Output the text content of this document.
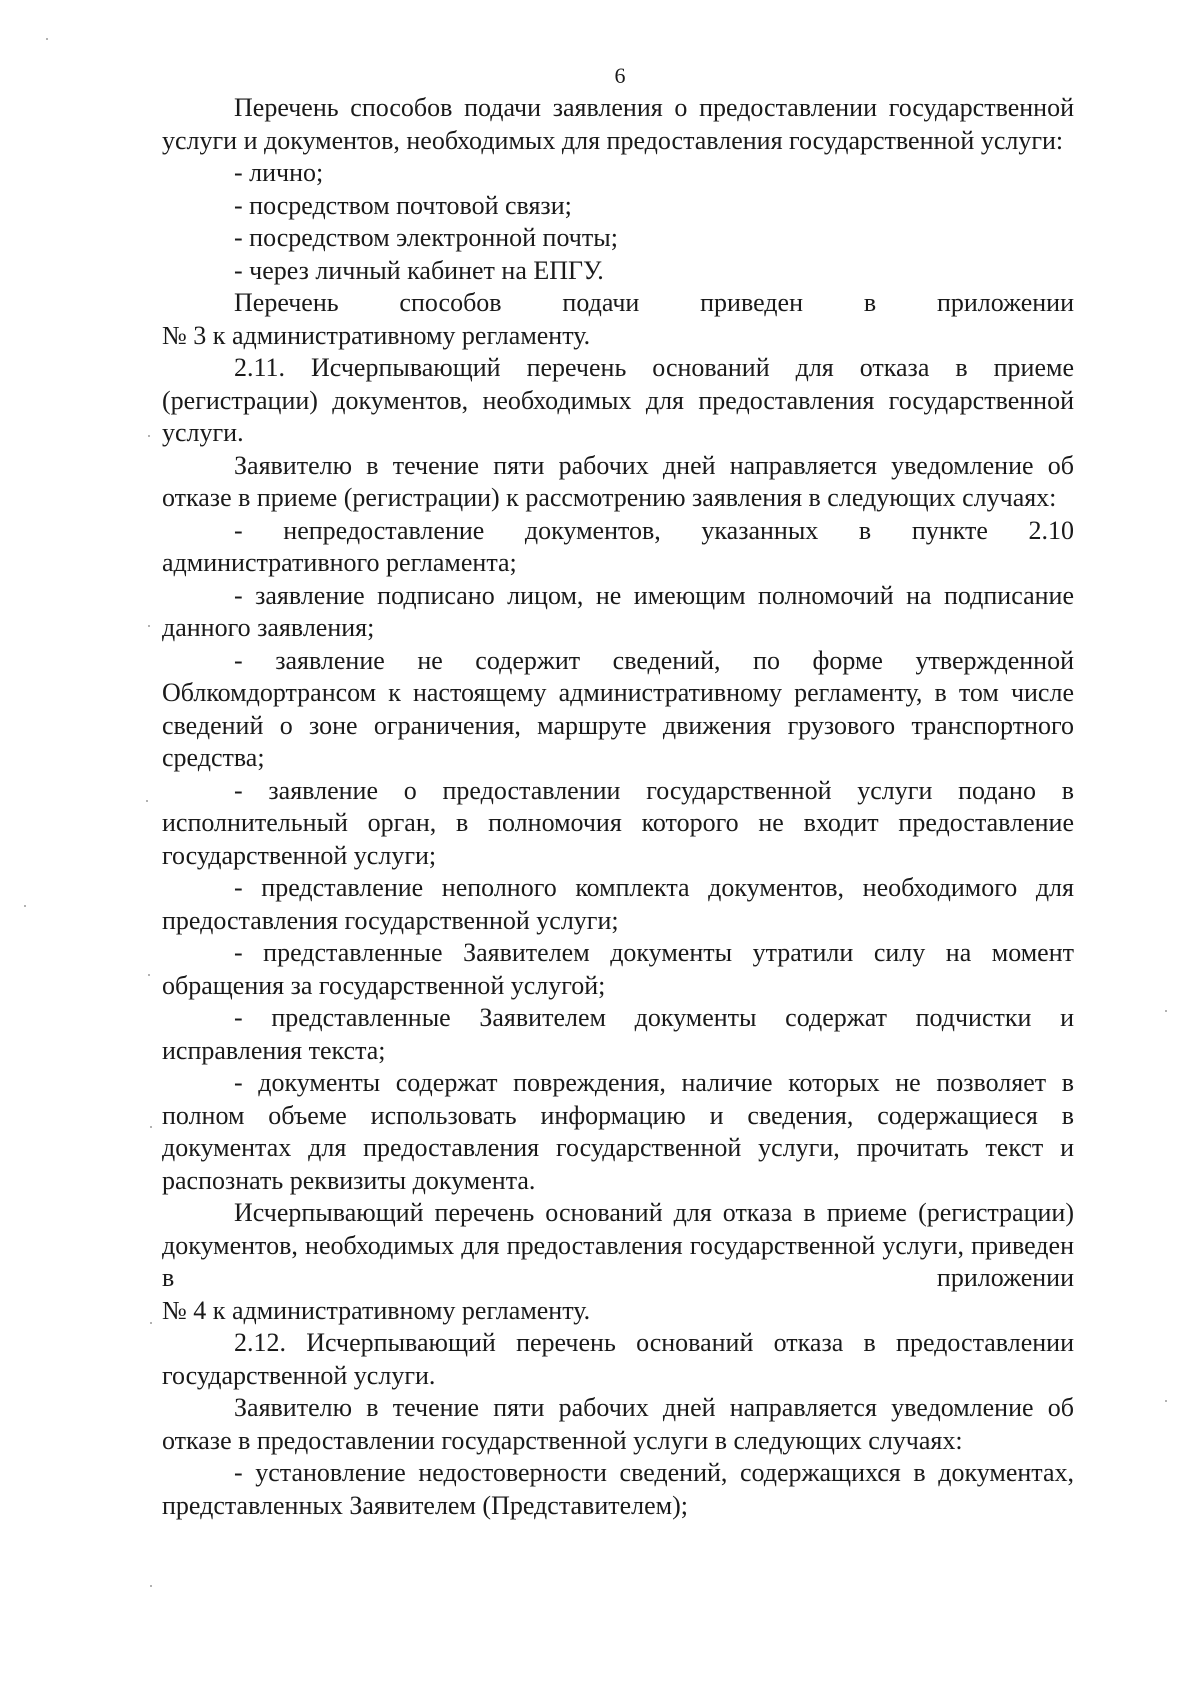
6

Перечень способов подачи заявления о предоставлении государственной услуги и документов, необходимых для предоставления государственной услуги:

- лично;

- посредством почтовой связи;

- посредством электронной почты;

- через личный кабинет на ЕПГУ.

Перечень способов подачи приведен в приложении

№ 3 к административному регламенту.

2.11. Исчерпывающий перечень оснований для отказа в приеме (регистрации) документов, необходимых для предоставления государственной услуги.

Заявителю в течение пяти рабочих дней направляется уведомление об отказе в приеме (регистрации) к рассмотрению заявления в следующих случаях:

- непредоставление документов, указанных в пункте 2.10 административного регламента;

- заявление подписано лицом, не имеющим полномочий на подписание данного заявления;

- заявление не содержит сведений, по форме утвержденной Облкомдортрансом к настоящему административному регламенту, в том числе сведений о зоне ограничения, маршруте движения грузового транспортного средства;

- заявление о предоставлении государственной услуги подано в исполнительный орган, в полномочия которого не входит предоставление государственной услуги;

- представление неполного комплекта документов, необходимого для предоставления государственной услуги;

- представленные Заявителем документы утратили силу на момент обращения за государственной услугой;

- представленные Заявителем документы содержат подчистки и исправления текста;

- документы содержат повреждения, наличие которых не позволяет в полном объеме использовать информацию и сведения, содержащиеся в документах для предоставления государственной услуги, прочитать текст и распознать реквизиты документа.

Исчерпывающий перечень оснований для отказа в приеме (регистрации) документов, необходимых для предоставления государственной услуги, приведен в приложении

№ 4 к административному регламенту.

2.12. Исчерпывающий перечень оснований отказа в предоставлении государственной услуги.

Заявителю в течение пяти рабочих дней направляется уведомление об отказе в предоставлении государственной услуги в следующих случаях:

- установление недостоверности сведений, содержащихся в документах, представленных Заявителем (Представителем);
